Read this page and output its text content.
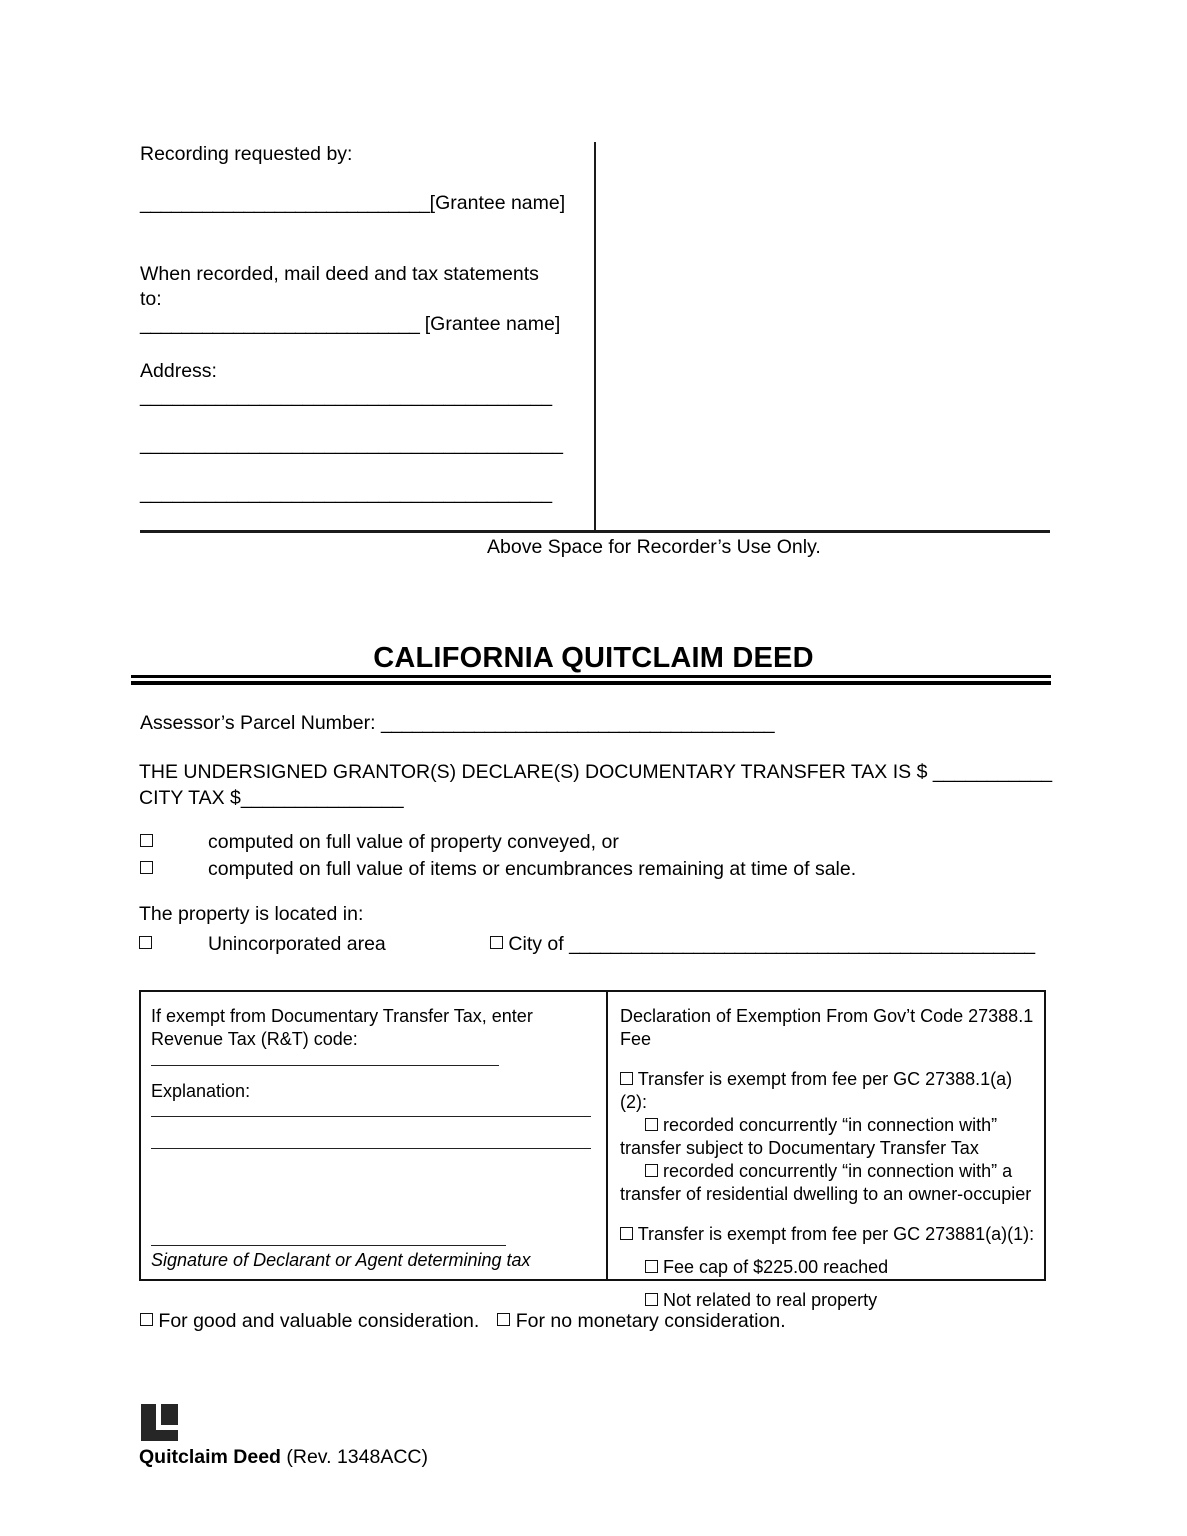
Recording requested by:
____________________________[Grantee name]
When recorded, mail deed and tax statements to:
___________________________ [Grantee name]
Address:
______________________________________
_______________________________________
______________________________________
Above Space for Recorder’s Use Only.
CALIFORNIA QUITCLAIM DEED
Assessor’s Parcel Number: ______________________________________
THE UNDERSIGNED GRANTOR(S) DECLARE(S) DOCUMENTARY TRANSFER TAX IS $ ___________
CITY TAX $_______________
computed on full value of property conveyed, or
computed on full value of items or encumbrances remaining at time of sale.
The property is located in:
Unincorporated area	City of _____________________________________________
If exempt from Documentary Transfer Tax, enter Revenue Tax (R&T) code:
Explanation:
Signature of Declarant or Agent determining tax
Declaration of Exemption From Gov’t Code 27388.1 Fee
Transfer is exempt from fee per GC 27388.1(a)(2):
recorded concurrently “in connection with”
transfer subject to Documentary Transfer Tax
recorded concurrently “in connection with” a
transfer of residential dwelling to an owner-occupier
Transfer is exempt from fee per GC 273881(a)(1):
Fee cap of $225.00 reached
Not related to real property
For good and valuable consideration. For no monetary consideration.
Quitclaim Deed (Rev. 1348ACC)
